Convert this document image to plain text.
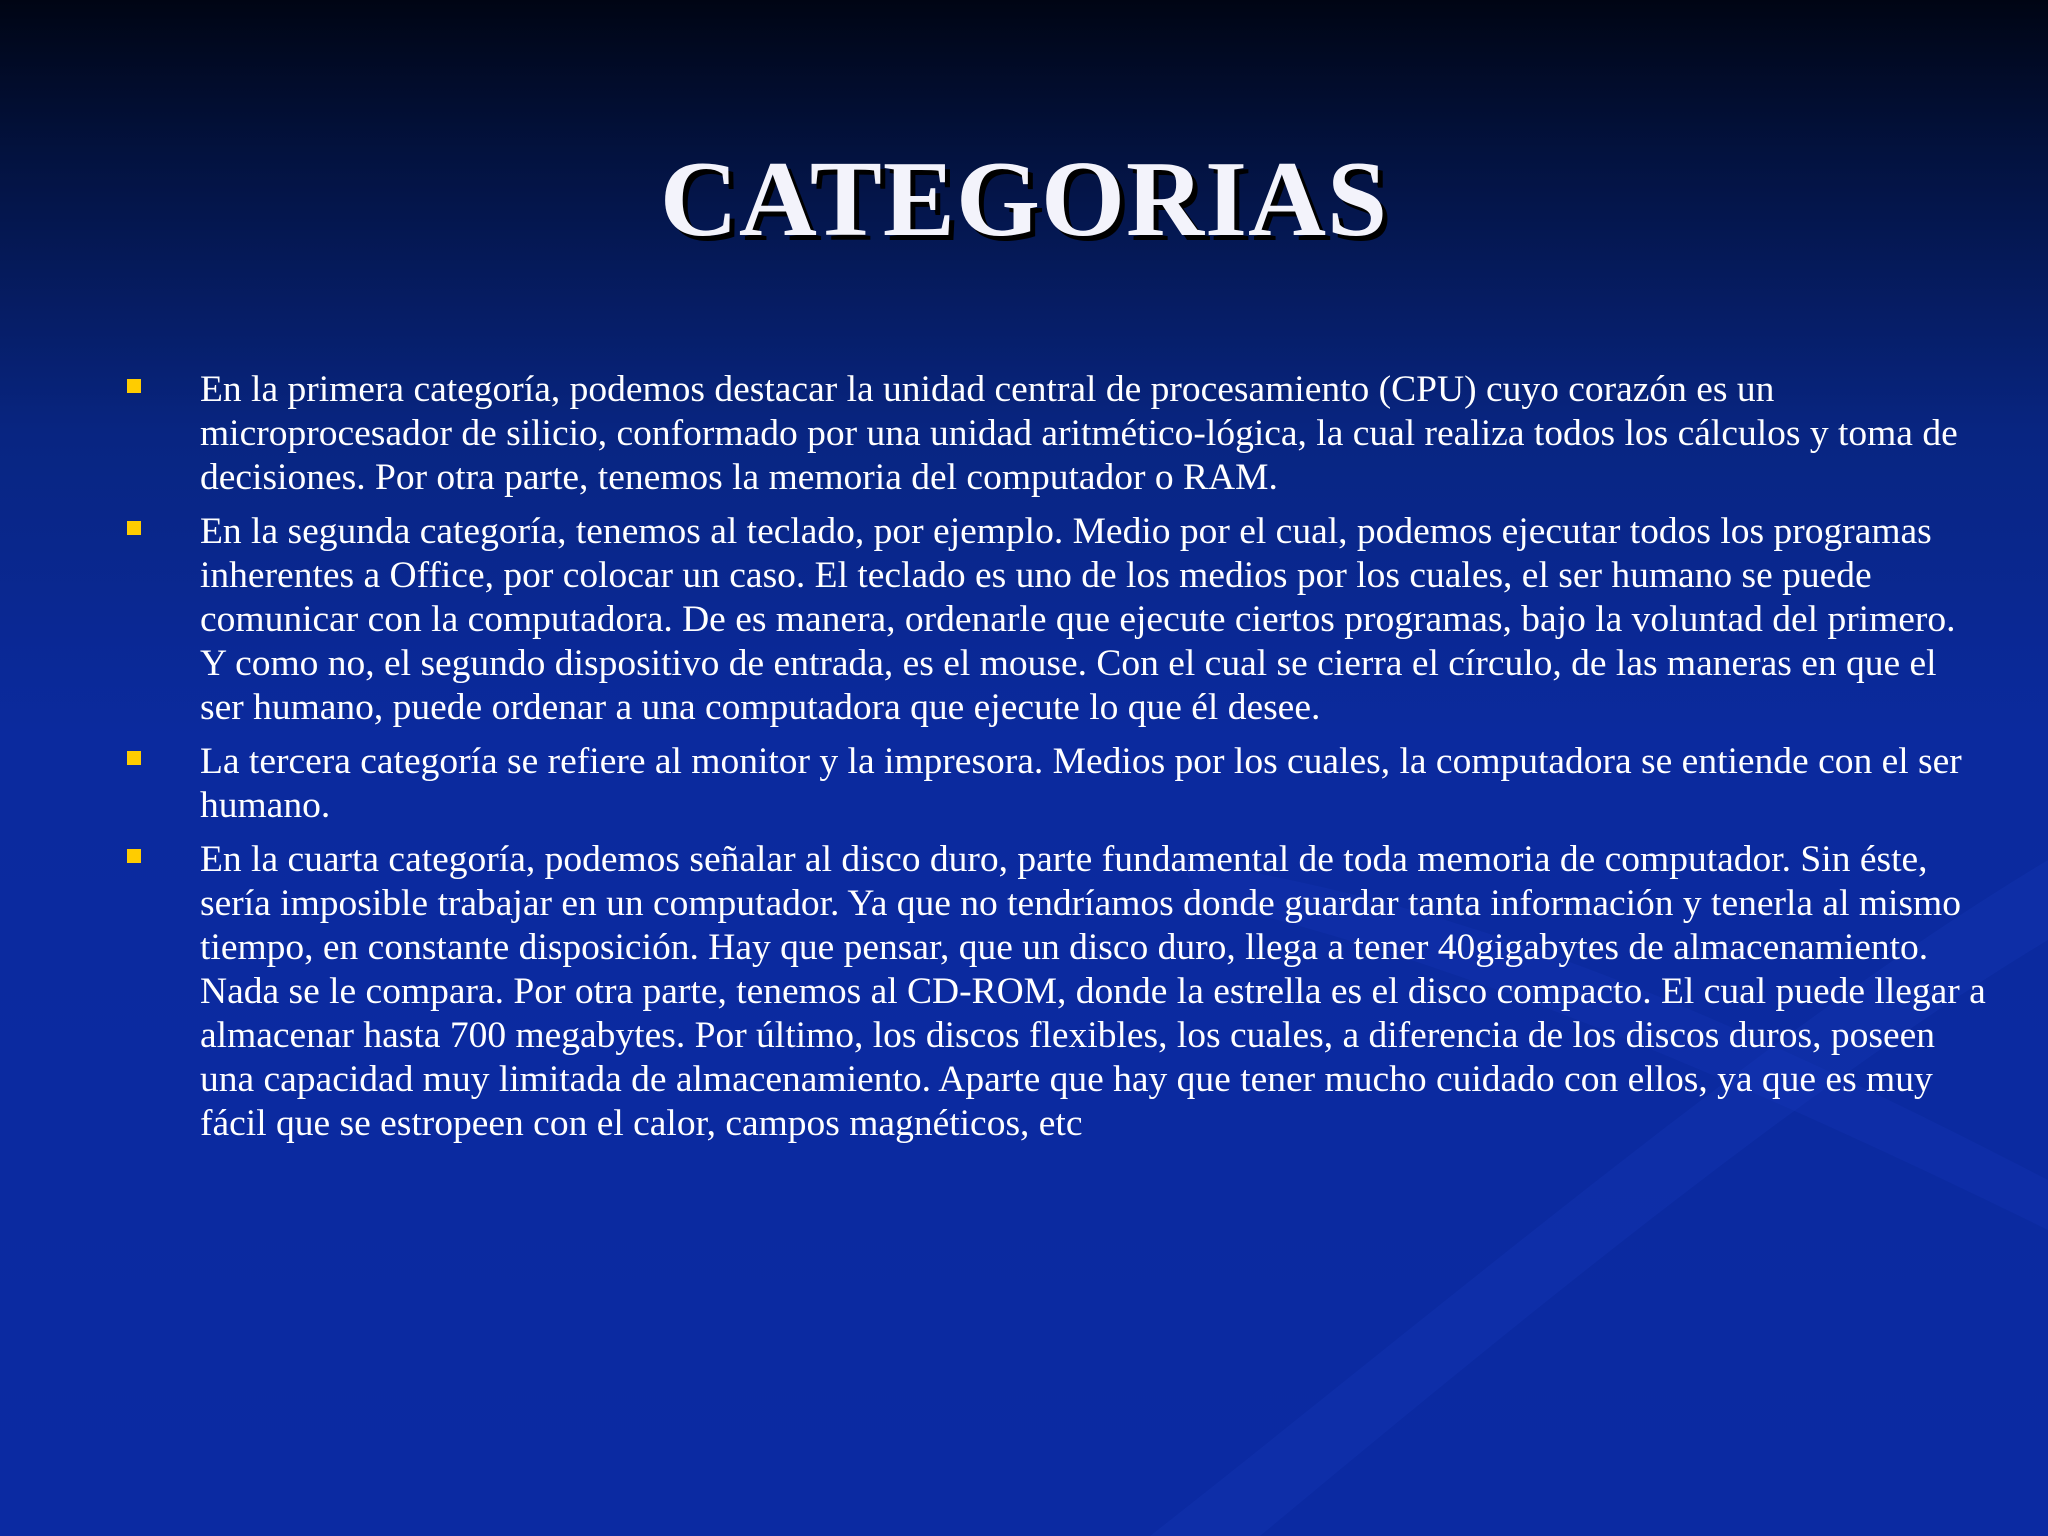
CATEGORIAS
En la primera categoría, podemos destacar la unidad central de procesamiento (CPU) cuyo corazón es un microprocesador de silicio, conformado por una unidad aritmético-lógica, la cual realiza todos los cálculos y toma de decisiones. Por otra parte, tenemos la memoria del computador o RAM.
En la segunda categoría, tenemos al teclado, por ejemplo. Medio por el cual, podemos ejecutar todos los programas inherentes a Office, por colocar un caso. El teclado es uno de los medios por los cuales, el ser humano se puede comunicar con la computadora. De es manera, ordenarle que ejecute ciertos programas, bajo la voluntad del primero. Y como no, el segundo dispositivo de entrada, es el mouse. Con el cual se cierra el círculo, de las maneras en que el ser humano, puede ordenar a una computadora que ejecute lo que él desee.
La tercera categoría se refiere al monitor y la impresora. Medios por los cuales, la computadora se entiende con el ser humano.
En la cuarta categoría, podemos señalar al disco duro, parte fundamental de toda memoria de computador. Sin éste, sería imposible trabajar en un computador. Ya que no tendríamos donde guardar tanta información y tenerla al mismo tiempo, en constante disposición. Hay que pensar, que un disco duro, llega a tener 40gigabytes de almacenamiento. Nada se le compara. Por otra parte, tenemos al CD-ROM, donde la estrella es el disco compacto. El cual puede llegar a almacenar hasta 700 megabytes. Por último, los discos flexibles, los cuales, a diferencia de los discos duros, poseen una capacidad muy limitada de almacenamiento. Aparte que hay que tener mucho cuidado con ellos, ya que es muy fácil que se estropeen con el calor, campos magnéticos, etc
